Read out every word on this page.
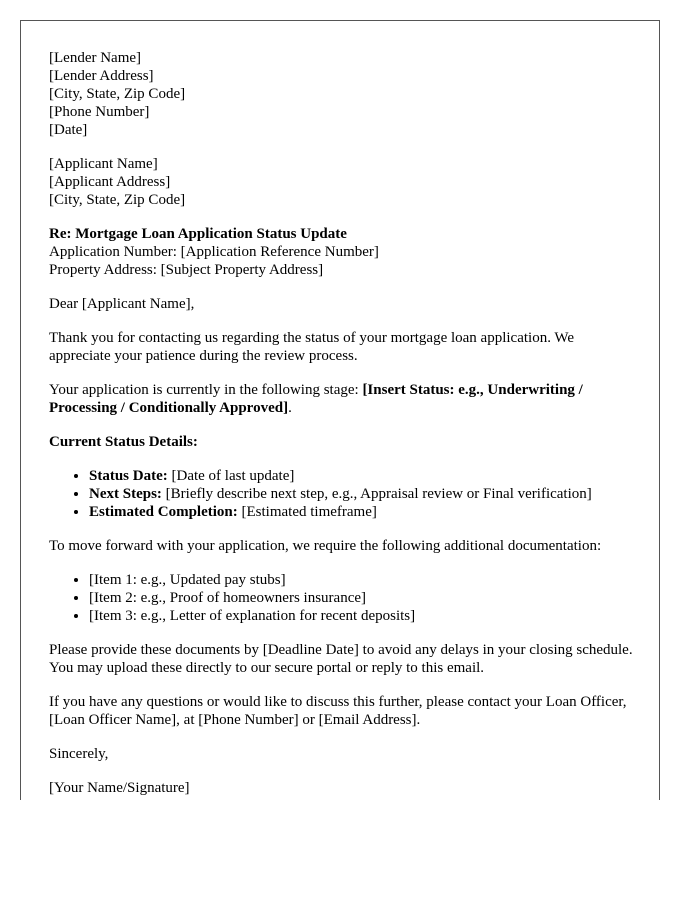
[Lender Name]
[Lender Address]
[City, State, Zip Code]
[Phone Number]
[Date]
[Applicant Name]
[Applicant Address]
[City, State, Zip Code]
Re: Mortgage Loan Application Status Update
Application Number: [Application Reference Number]
Property Address: [Subject Property Address]

Dear [Applicant Name],

Thank you for contacting us regarding the status of your mortgage loan application. We appreciate your patience during the review process.

Your application is currently in the following stage: [Insert Status: e.g., Underwriting / Processing / Conditionally Approved].

Current Status Details:

• Status Date: [Date of last update]
• Next Steps: [Briefly describe next step, e.g., Appraisal review or Final verification]
• Estimated Completion: [Estimated timeframe]

To move forward with your application, we require the following additional documentation:

• [Item 1: e.g., Updated pay stubs]
• [Item 2: e.g., Proof of homeowners insurance]
• [Item 3: e.g., Letter of explanation for recent deposits]

Please provide these documents by [Deadline Date] to avoid any delays in your closing schedule. You may upload these directly to our secure portal or reply to this email.

If you have any questions or would like to discuss this further, please contact your Loan Officer, [Loan Officer Name], at [Phone Number] or [Email Address].

Sincerely,

[Your Name/Signature]
